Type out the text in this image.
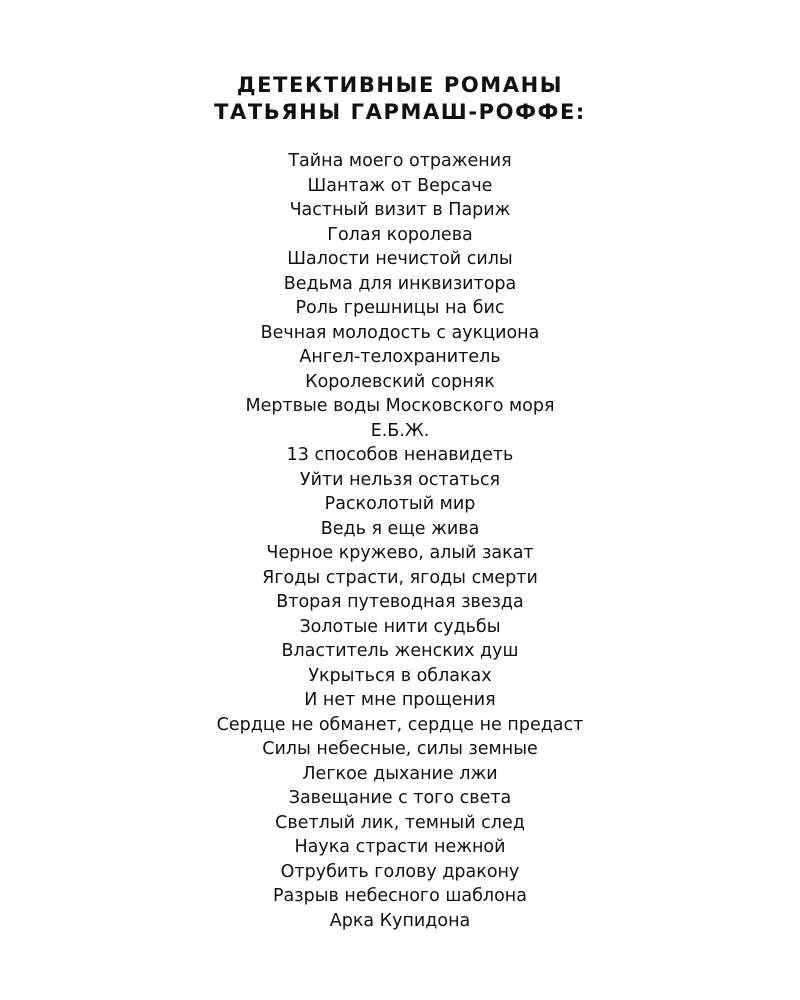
ДЕТЕКТИВНЫЕ РОМАНЫ
ТАТЬЯНЫ ГАРМАШ-РОФФЕ:
Тайна моего отражения
Шантаж от Версаче
Частный визит в Париж
Голая королева
Шалости нечистой силы
Ведьма для инквизитора
Роль грешницы на бис
Вечная молодость с аукциона
Ангел-телохранитель
Королевский сорняк
Мертвые воды Московского моря
Е.Б.Ж.
13 способов ненавидеть
Уйти нельзя остаться
Расколотый мир
Ведь я еще жива
Черное кружево, алый закат
Ягоды страсти, ягоды смерти
Вторая путеводная звезда
Золотые нити судьбы
Властитель женских душ
Укрыться в облаках
И нет мне прощения
Сердце не обманет, сердце не предаст
Силы небесные, силы земные
Легкое дыхание лжи
Завещание с того света
Светлый лик, темный след
Наука страсти нежной
Отрубить голову дракону
Разрыв небесного шаблона
Арка Купидона
